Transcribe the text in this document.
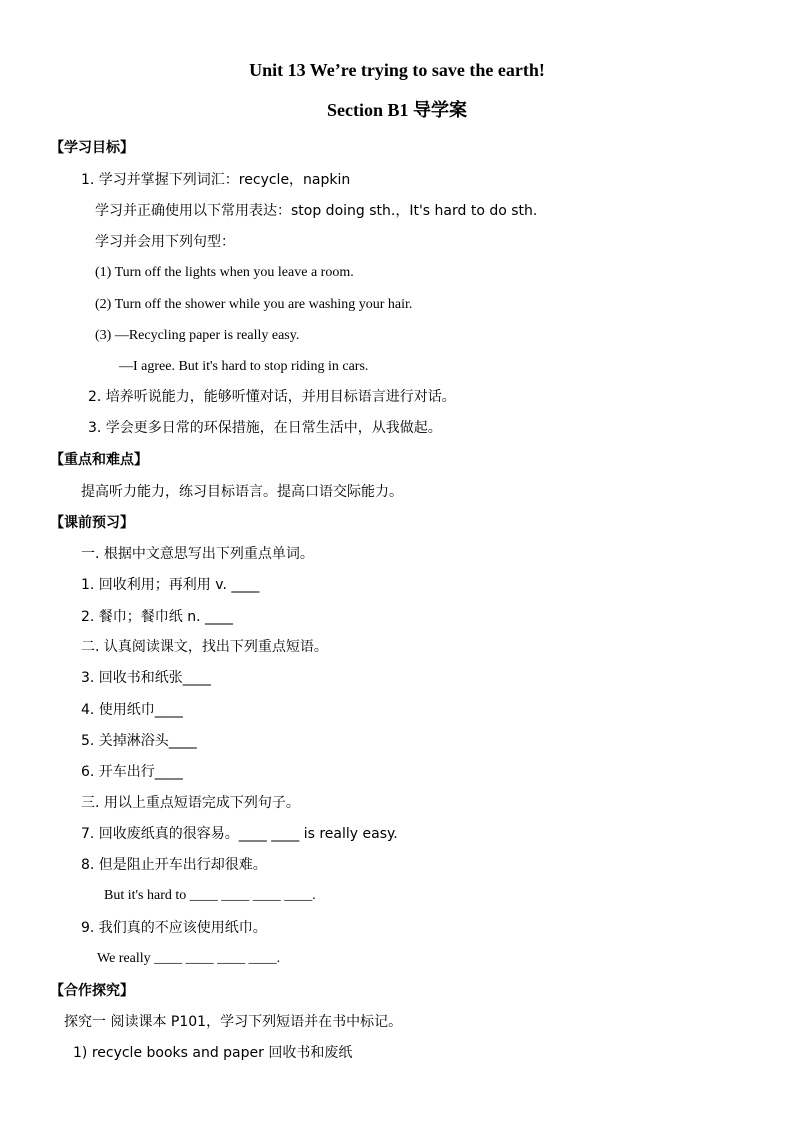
Unit 13 We’re trying to save the earth!
Section B1 导学案
【学习目标】
1. 学习并掌握下列词汇：recycle，napkin
学习并正确使用以下常用表达：stop doing sth.，It's hard to do sth.
学习并会用下列句型：
(1) Turn off the lights when you leave a room.
(2) Turn off the shower while you are washing your hair.
(3) —Recycling paper is really easy.
—I agree. But it's hard to stop riding in cars.
2. 培养听说能力，能够听懂对话，并用目标语言进行对话。
3. 学会更多日常的环保措施，在日常生活中，从我做起。
【重点和难点】
提高听力能力，练习目标语言。提高口语交际能力。
【课前预习】
一. 根据中文意思写出下列重点单词。
1. 回收利用；再利用 v. ____
2. 餐巾；餐巾纸 n. ____
二. 认真阅读课文，找出下列重点短语。
3. 回收书和纸张____
4. 使用纸巾____
5. 关掉淋浴头____
6. 开车出行____
三. 用以上重点短语完成下列句子。
7. 回收废纸真的很容易。____ ____ is really easy.
8. 但是阻止开车出行却很难。
But it's hard to ____ ____ ____ ____.
9. 我们真的不应该使用纸巾。
We really ____ ____ ____ ____.
【合作探究】
探究一 阅读课本 P101，学习下列短语并在书中标记。
1) recycle books and paper 回收书和废纸
